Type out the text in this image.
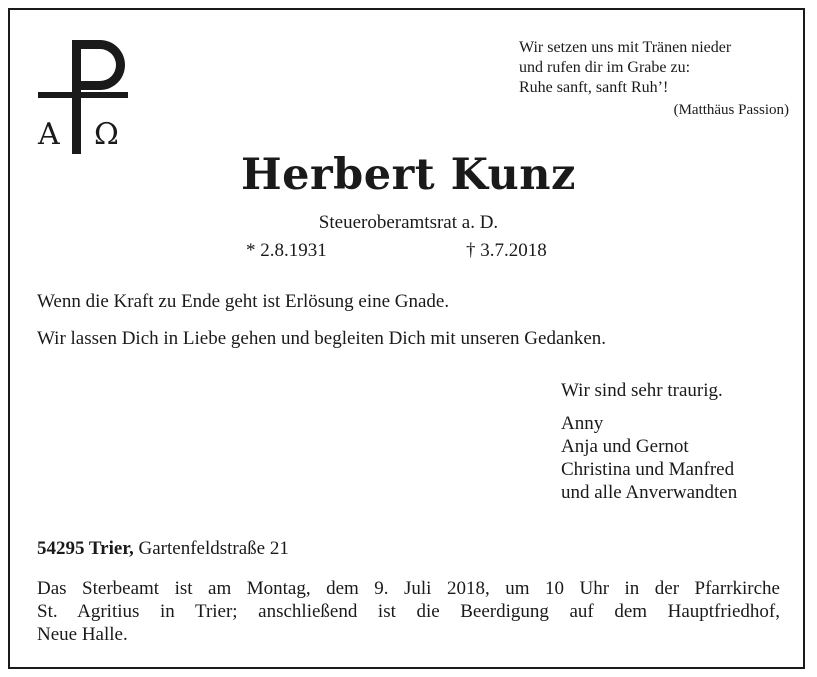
Α Ω
Wir setzen uns mit Tränen nieder
und rufen dir im Grabe zu:
Ruhe sanft, sanft Ruh’!
(Matthäus Passion)
Herbert Kunz
Steueroberamtsrat a. D.
* 2.8.1931	† 3.7.2018
Wenn die Kraft zu Ende geht ist Erlösung eine Gnade.
Wir lassen Dich in Liebe gehen und begleiten Dich mit unseren Gedanken.
Wir sind sehr traurig.
Anny
Anja und Gernot
Christina und Manfred
und alle Anverwandten
54295 Trier, Gartenfeldstraße 21
Das Sterbeamt ist am Montag, dem 9. Juli 2018, um 10 Uhr in der Pfarrkirche
St. Agritius in Trier; anschließend ist die Beerdigung auf dem Hauptfriedhof,
Neue Halle.
